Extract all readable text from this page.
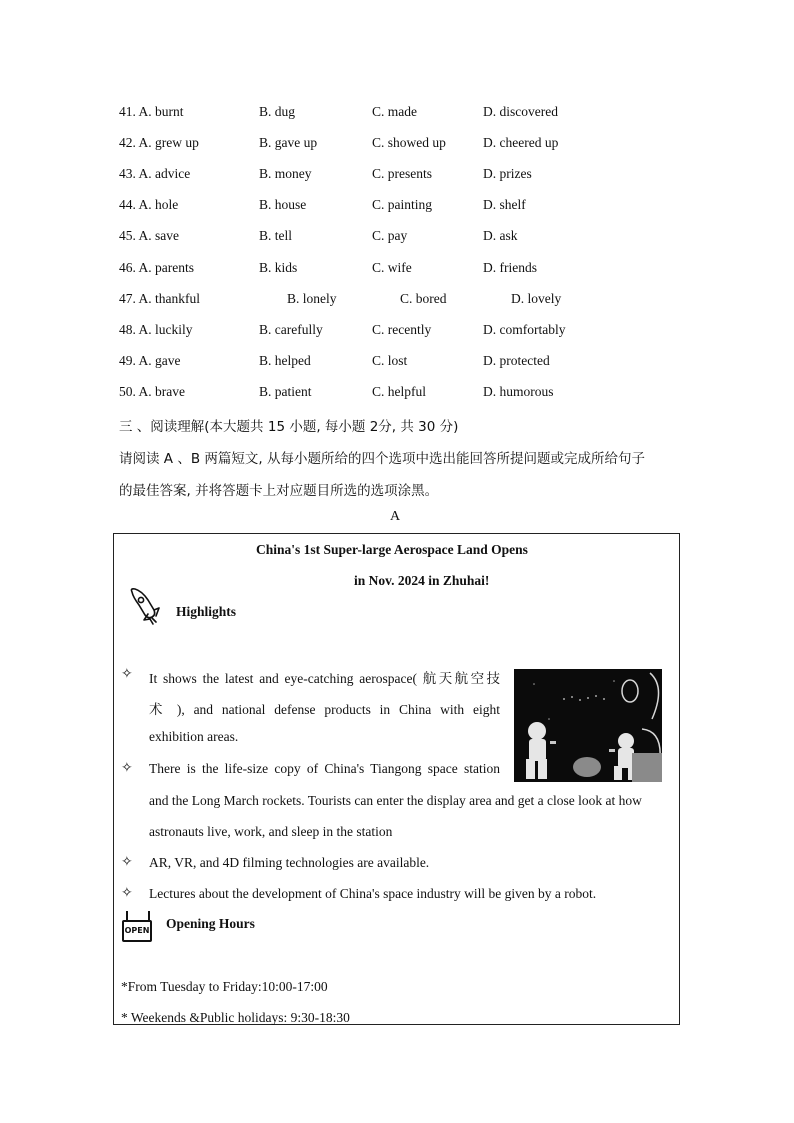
41. A. burnt	B. dug	C. made	D. discovered
42. A. grew up	B. gave up	C. showed up	D. cheered up
43. A. advice	B. money	C. presents	D. prizes
44. A. hole	B. house	C. painting	D. shelf
45. A. save	B. tell	C. pay	D. ask
46. A. parents	B. kids	C. wife	D. friends
47. A. thankful	B. lonely	C. bored	D. lovely
48. A. luckily	B. carefully	C. recently	D. comfortably
49. A. gave	B. helped	C. lost	D. protected
50. A. brave	B. patient	C. helpful	D. humorous
三 、阅读理解(本大题共 15 小题, 每小题 2分, 共 30 分)
请阅读 A 、B 两篇短文, 从每小题所给的四个选项中选出能回答所提问题或完成所给句子
的最佳答案, 并将答题卡上对应题目所选的选项涂黑。
A
China's 1st Super-large Aerospace Land Opens
in Nov. 2024 in Zhuhai!
Highlights
✧ It shows the latest and eye-catching aerospace( 航天航空技
术 ), and national defense products in China with eight
exhibition areas.
✧ There is the life-size copy of China's Tiangong space station
and the Long March rockets. Tourists can enter the display area and get a close look at how
astronauts live, work, and sleep in the station
✧ AR, VR, and 4D filming technologies are available.
✧ Lectures about the development of China's space industry will be given by a robot.
OPEN Opening Hours
*From Tuesday to Friday:10:00-17:00
* Weekends &Public holidays: 9:30-18:30
